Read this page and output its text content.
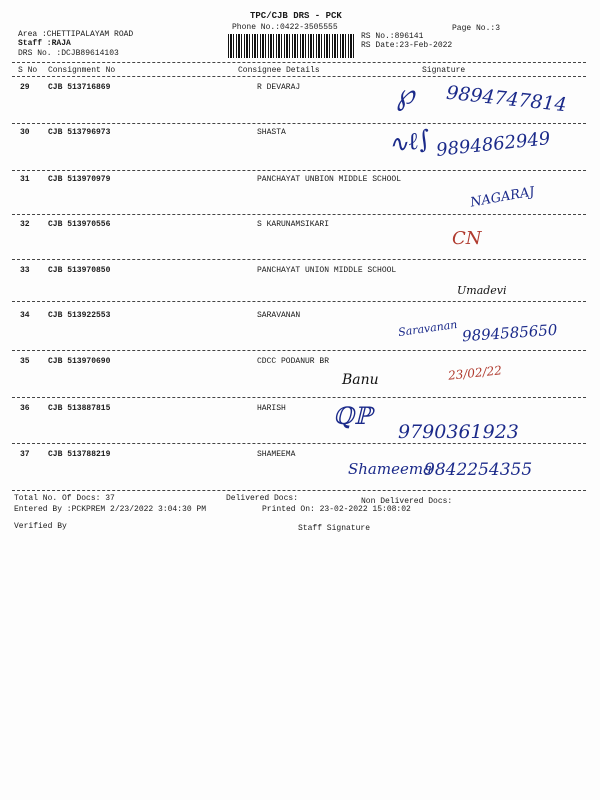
TPC/CJB DRS - PCK
Phone No.:0422-3505555	Page No.:3
Area :CHETTIPALAYAM ROAD
Staff :RAJA
DRS No. :DCJB89614103
RS No.:896141
RS Date:23-Feb-2022
S No Consignment No	Consignee Details	Signature
29 CJB 513716869	R DEVARAJ	℘ 9894747814
30 CJB 513796973	SHASTA	∿ℓ∫ 9894862949
31 CJB 513970979	PANCHAYAT UNBION MIDDLE SCHOOL
NAGARAJ
32 CJB 513970556	S KARUNAMSIKARI
CN
33 CJB 513970850	PANCHAYAT UNION MIDDLE SCHOOL
Umadevi
34 CJB 513922553	SARAVANAN
Saravanan 9894585650
35 CJB 513970690	CDCC PODANUR BR
Banu	23/02/22
36 CJB 513887815	HARISH ℚℙ
9790361923
37 CJB 513788219	SHAMEEMA
Shameema
9842254355
Total No. Of Docs: 37	Delivered Docs:	Non Delivered Docs:
Entered By :PCKPREM 2/23/2022 3:04:30 PM	Printed On: 23-02-2022 15:08:02
Verified By	Staff Signature
